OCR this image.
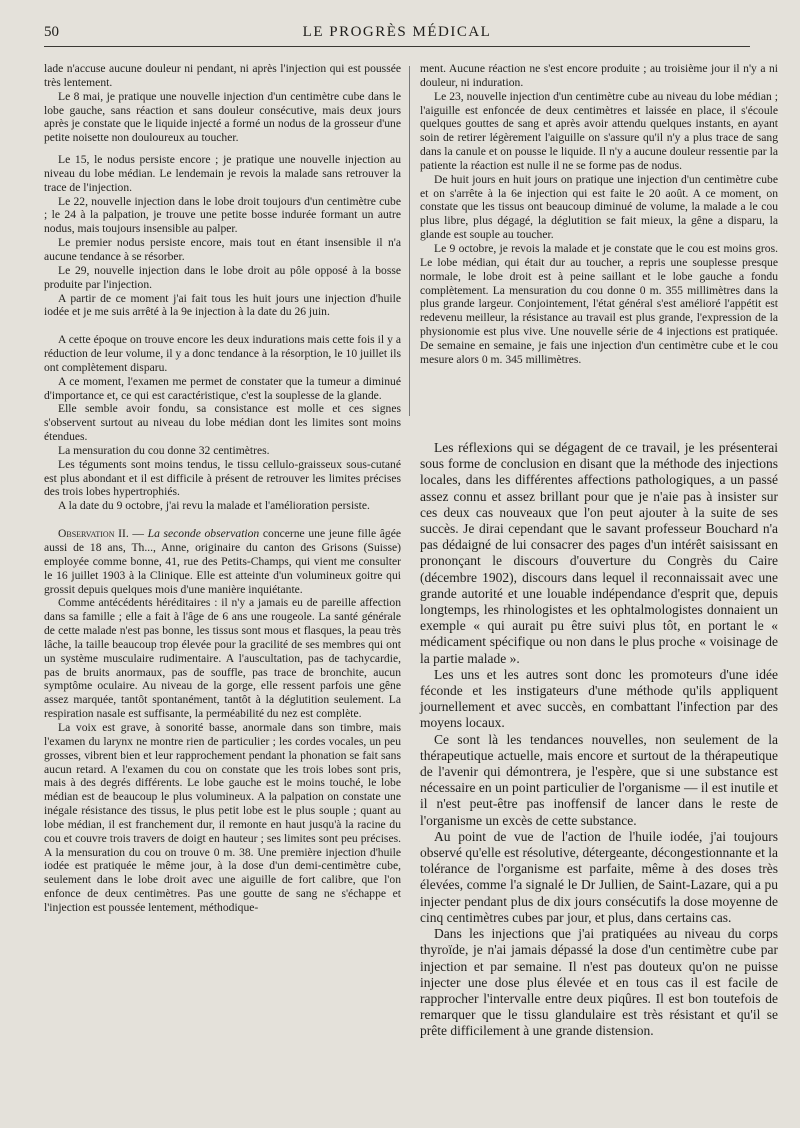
50	LE PROGRÈS MÉDICAL

lade n'accuse aucune douleur ni pendant, ni après l'injection qui est poussée très lentement.

Le 8 mai, je pratique une nouvelle injection d'un centimètre cube dans le lobe gauche, sans réaction et sans douleur consécutive, mais deux jours après je constate que le liquide injecté a formé un nodus de la grosseur d'une petite noisette non douloureux au toucher.

Le 15, le nodus persiste encore ; je pratique une nouvelle injection au niveau du lobe médian. Le lendemain je revois la malade sans retrouver la trace de l'injection.

Le 22, nouvelle injection dans le lobe droit toujours d'un centimètre cube ; le 24 à la palpation, je trouve une petite bosse indurée formant un autre nodus, mais toujours insensible au palper.

Le premier nodus persiste encore, mais tout en étant insensible il n'a aucune tendance à se résorber.

Le 29, nouvelle injection dans le lobe droit au pôle opposé à la bosse produite par l'injection.

A partir de ce moment j'ai fait tous les huit jours une injection d'huile iodée et je me suis arrêté à la 9e injection à la date du 26 juin.

A cette époque on trouve encore les deux indurations mais cette fois il y a réduction de leur volume, il y a donc tendance à la résorption, le 10 juillet ils ont complètement disparu.

A ce moment, l'examen me permet de constater que la tumeur a diminué d'importance et, ce qui est caractéristique, c'est la souplesse de la glande.

Elle semble avoir fondu, sa consistance est molle et ces signes s'observent surtout au niveau du lobe médian dont les limites sont moins étendues.

La mensuration du cou donne 32 centimètres.

Les téguments sont moins tendus, le tissu cellulo-graisseux sous-cutané est plus abondant et il est difficile à présent de retrouver les limites précises des trois lobes hypertrophiés.

A la date du 9 octobre, j'ai revu la malade et l'amélioration persiste.

Observation II. — La seconde observation concerne une jeune fille âgée aussi de 18 ans, Th..., Anne, originaire du canton des Grisons (Suisse) employée comme bonne, 41, rue des Petits-Champs, qui vient me consulter le 16 juillet 1903 à la Clinique. Elle est atteinte d'un volumineux goitre qui grossit depuis quelques mois d'une manière inquiétante.

Comme antécédents héréditaires : il n'y a jamais eu de pareille affection dans sa famille ; elle a fait à l'âge de 6 ans une rougeole. La santé générale de cette malade n'est pas bonne, les tissus sont mous et flasques, la peau très lâche, la taille beaucoup trop élevée pour la gracilité de ses membres qui ont un système musculaire rudimentaire. A l'auscultation, pas de tachycardie, pas de bruits anormaux, pas de souffle, pas trace de bronchite, aucun symptôme oculaire. Au niveau de la gorge, elle ressent parfois une gêne assez marquée, tantôt spontanément, tantôt à la déglutition seulement. La respiration nasale est suffisante, la perméabilité du nez est complète.

La voix est grave, à sonorité basse, anormale dans son timbre, mais l'examen du larynx ne montre rien de particulier ; les cordes vocales, un peu grosses, vibrent bien et leur rapprochement pendant la phonation se fait sans aucun retard. A l'examen du cou on constate que les trois lobes sont pris, mais à des degrés différents. Le lobe gauche est le moins touché, le lobe médian est de beaucoup le plus volumineux. A la palpation on constate une inégale résistance des tissus, le plus petit lobe est le plus souple ; quant au lobe médian, il est franchement dur, il remonte en haut jusqu'à la racine du cou et couvre trois travers de doigt en hauteur ; ses limites sont peu précises. A la mensuration du cou on trouve 0 m. 38. Une première injection d'huile iodée est pratiquée le même jour, à la dose d'un demi-centimètre cube, seulement dans le lobe droit avec une aiguille de fort calibre, que l'on enfonce de deux centimètres. Pas une goutte de sang ne s'échappe et l'injection est poussée lentement, méthodique-

ment. Aucune réaction ne s'est encore produite ; au troisième jour il n'y a ni douleur, ni induration.

Le 23, nouvelle injection d'un centimètre cube au niveau du lobe médian ; l'aiguille est enfoncée de deux centimètres et laissée en place, il s'écoule quelques gouttes de sang et après avoir attendu quelques instants, en ayant soin de retirer légèrement l'aiguille on s'assure qu'il n'y a plus trace de sang dans la canule et on pousse le liquide. Il n'y a aucune douleur ressentie par la patiente la réaction est nulle il ne se forme pas de nodus.

De huit jours en huit jours on pratique une injection d'un centimètre cube et on s'arrête à la 6e injection qui est faite le 20 août. A ce moment, on constate que les tissus ont beaucoup diminué de volume, la malade a le cou plus libre, plus dégagé, la déglutition se fait mieux, la gêne a disparu, la glande est souple au toucher.

Le 9 octobre, je revois la malade et je constate que le cou est moins gros. Le lobe médian, qui était dur au toucher, a repris une souplesse presque normale, le lobe droit est à peine saillant et le lobe gauche a fondu complètement. La mensuration du cou donne 0 m. 355 millimètres dans la plus grande largeur. Conjointement, l'état général s'est amélioré l'appétit est redevenu meilleur, la résistance au travail est plus grande, l'expression de la physionomie est plus vive. Une nouvelle série de 4 injections est pratiquée. De semaine en semaine, je fais une injection d'un centimètre cube et le cou mesure alors 0 m. 345 millimètres.

Les réflexions qui se dégagent de ce travail, je les présenterai sous forme de conclusion en disant que la méthode des injections locales, dans les différentes affections pathologiques, a un passé assez connu et assez brillant pour que je n'aie pas à insister sur ces deux cas nouveaux que l'on peut ajouter à la suite de ses succès. Je dirai cependant que le savant professeur Bouchard n'a pas dédaigné de lui consacrer des pages d'un intérêt saisissant en prononçant le discours d'ouverture du Congrès du Caire (décembre 1902), discours dans lequel il reconnaissait avec une grande autorité et une louable indépendance d'esprit que, depuis longtemps, les rhinologistes et les ophtalmologistes donnaient un exemple « qui aurait pu être suivi plus tôt, en portant le « médicament spécifique ou non dans le plus proche « voisinage de la partie malade ».

Les uns et les autres sont donc les promoteurs d'une idée féconde et les instigateurs d'une méthode qu'ils appliquent journellement et avec succès, en combattant l'infection par des moyens locaux.

Ce sont là les tendances nouvelles, non seulement de la thérapeutique actuelle, mais encore et surtout de la thérapeutique de l'avenir qui démontrera, je l'espère, que si une substance est nécessaire en un point particulier de l'organisme — il est inutile et il n'est peut-être pas inoffensif de lancer dans le reste de l'organisme un excès de cette substance.

Au point de vue de l'action de l'huile iodée, j'ai toujours observé qu'elle est résolutive, détergeante, décongestionnante et la tolérance de l'organisme est parfaite, même à des doses très élevées, comme l'a signalé le Dr Jullien, de Saint-Lazare, qui a pu injecter pendant plus de dix jours consécutifs la dose moyenne de cinq centimètres cubes par jour, et plus, dans certains cas.

Dans les injections que j'ai pratiquées au niveau du corps thyroïde, je n'ai jamais dépassé la dose d'un centimètre cube par injection et par semaine. Il n'est pas douteux qu'on ne puisse injecter une dose plus élevée et en tous cas il est facile de rapprocher l'intervalle entre deux piqûres. Il est bon toutefois de remarquer que le tissu glandulaire est très résistant et qu'il se prête difficilement à une grande distension.
